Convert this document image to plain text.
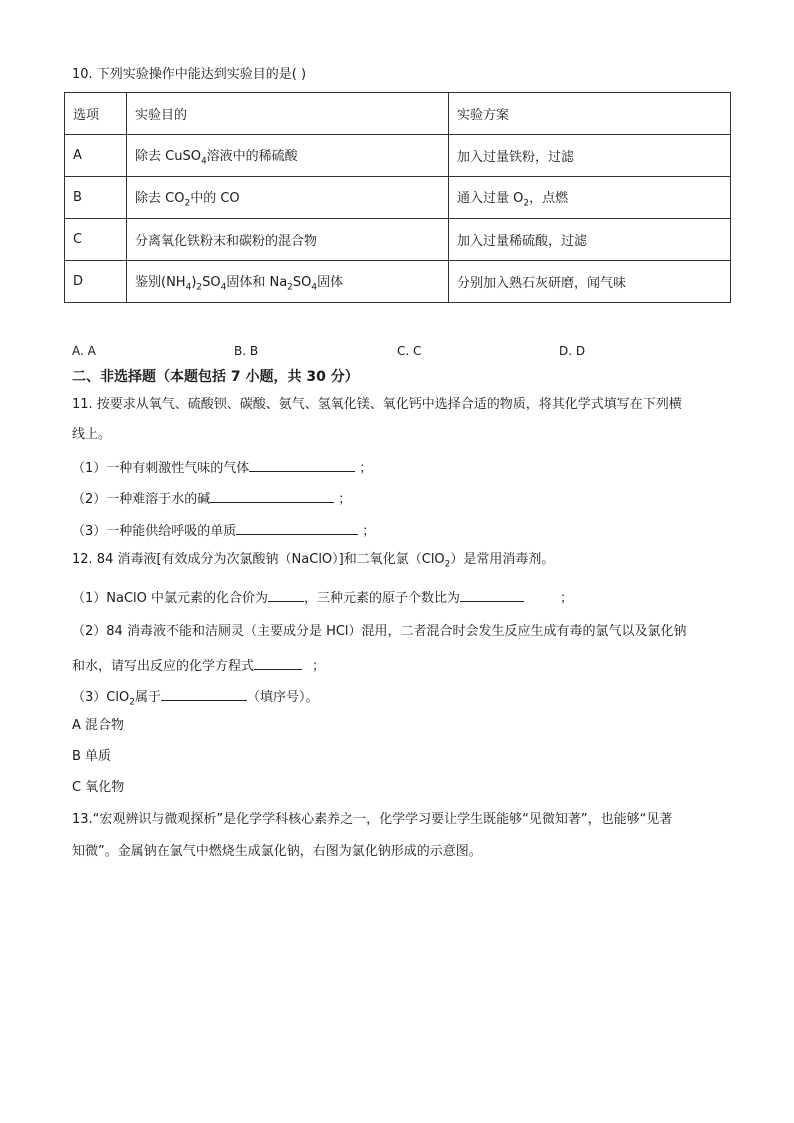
10. 下列实验操作中能达到实验目的是( )
选项	实验目的	实验方案
A	除去 CuSO$_4$溶液中的稀硫酸	加入过量铁粉，过滤
B	除去 $CO_2$中的 CO	通入过量 $O_2$，点燃
C	分离氧化铁粉末和碳粉的混合物	加入过量稀硫酸，过滤
D	鉴别$(NH_4)_2SO_4$固体和 $Na_2SO_4$固体	分别加入熟石灰研磨，闻气味
A. A	B. B	C. C	D. D
二、非选择题（本题包括 7 小题，共 30 分）
11. 按要求从氧气、硫酸钡、碳酸、氨气、氢氧化镁、氧化钙中选择合适的物质，将其化学式填写在下列横
线上。
（1）一种有刺激性气味的气体	；
（2）一种难溶于水的碱	；
（3）一种能供给呼吸的单质	；
12. 84 消毒液[有效成分为次氯酸钠（NaClO）]和二氧化氯（ClO$_2$）是常用消毒剂。
（1）NaClO 中氯元素的化合价为	，三种元素的原子个数比为	；
（2）84 消毒液不能和洁厕灵（主要成分是 HCl）混用，二者混合时会发生反应生成有毒的氯气以及氯化钠
和水，请写出反应的化学方程式	；
（3）ClO$_2$属于	（填序号）。
A 混合物
B 单质
C 氧化物
13.“宏观辨识与微观探析”是化学学科核心素养之一，化学学习要让学生既能够“见微知著”，也能够“见著
知微”。金属钠在氯气中燃烧生成氯化钠，右图为氯化钠形成的示意图。
